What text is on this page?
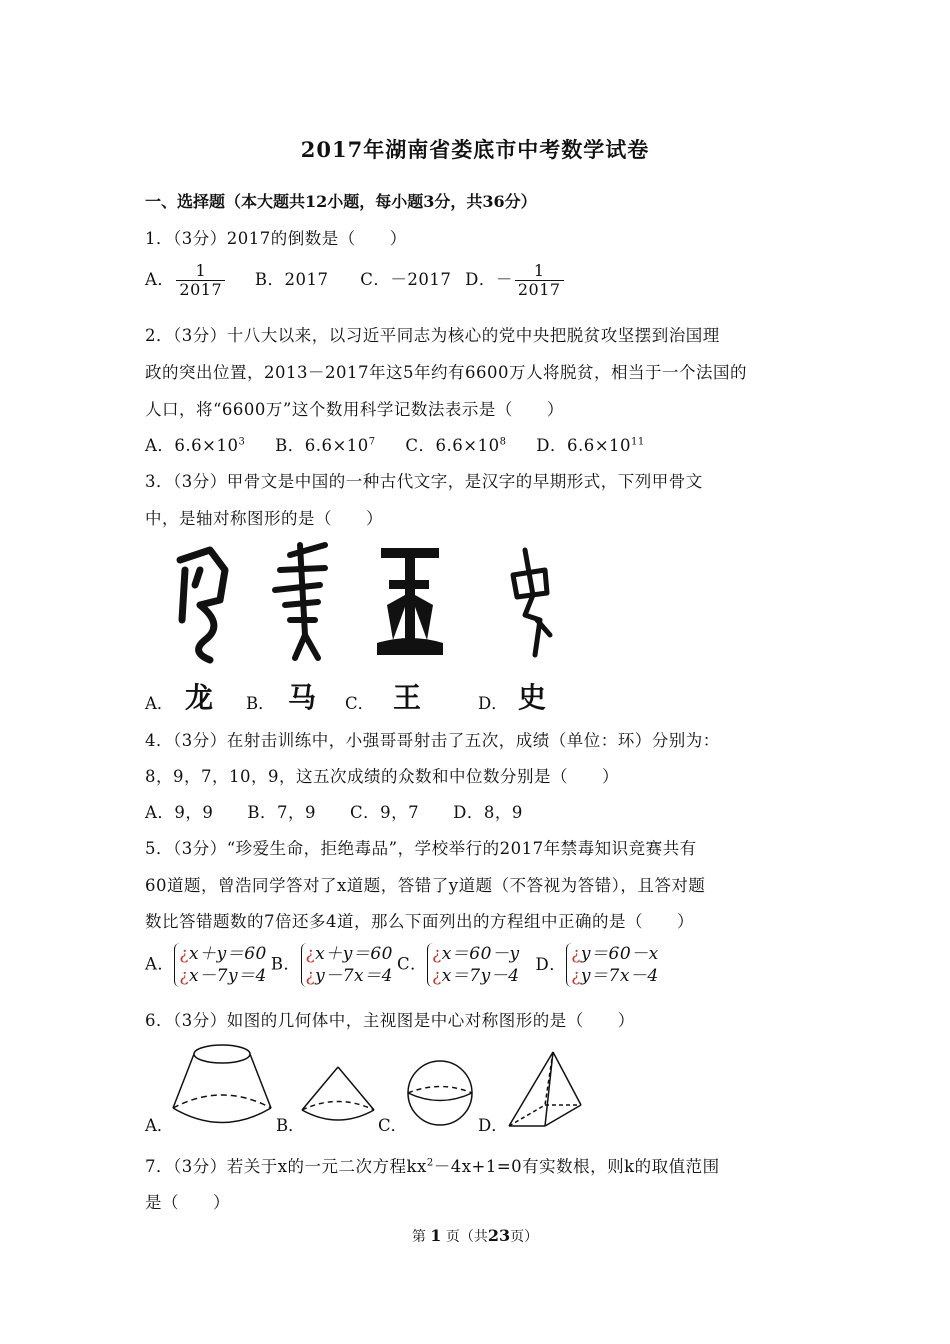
2017年湖南省娄底市中考数学试卷
一、选择题（本大题共12小题，每小题3分，共36分）
1．（3分）2017的倒数是（　　）
A． $\frac{1}{2017}$ B．2017 C．－2017 D．－ $\frac{1}{2017}$
2．（3分）十八大以来，以习近平同志为核心的党中央把脱贫攻坚摆到治国理
政的突出位置，2013－2017年这5年约有6600万人将脱贫，相当于一个法国的
人口，将“6600万”这个数用科学记数法表示是（　　）
A．$6.6\times 10^3$ B．$6.6\times 10^7$ C．$6.6\times 10^8$ D．$6.6\times 10^{11}$
3．（3分）甲骨文是中国的一种古代文字，是汉字的早期形式，下列甲骨文
中，是轴对称图形的是（　　）
A． 龙 B． 马 C． 王	D． 史
4．（3分）在射击训练中，小强哥哥射击了五次，成绩（单位：环）分别为：
8，9，7，10，9，这五次成绩的众数和中位数分别是（　　）
A．9，9　　B．7，9　　C．9，7　　D．8，9
5．（3分）“珍爱生命，拒绝毒品”，学校举行的2017年禁毒知识竞赛共有
60道题，曾浩同学答对了x道题，答错了y道题（不答视为答错），且答对题
数比答错题数的7倍还多4道，那么下面列出的方程组中正确的是（　　）
A． ¿x＋y＝60
¿x－7y＝4B． ¿x＋y＝60
¿y－7x＝4C． ¿x＝60－y
¿x＝7y－4D． ¿y＝60－x
¿y＝7x－4
6．（3分）如图的几何体中，主视图是中心对称图形的是（　　）
A．	B．	C．	D．
7．（3分）若关于x的一元二次方程$kx^2-4x+1=0$有实数根，则k的取值范围
是（　　）
第 1 页（共23页）
